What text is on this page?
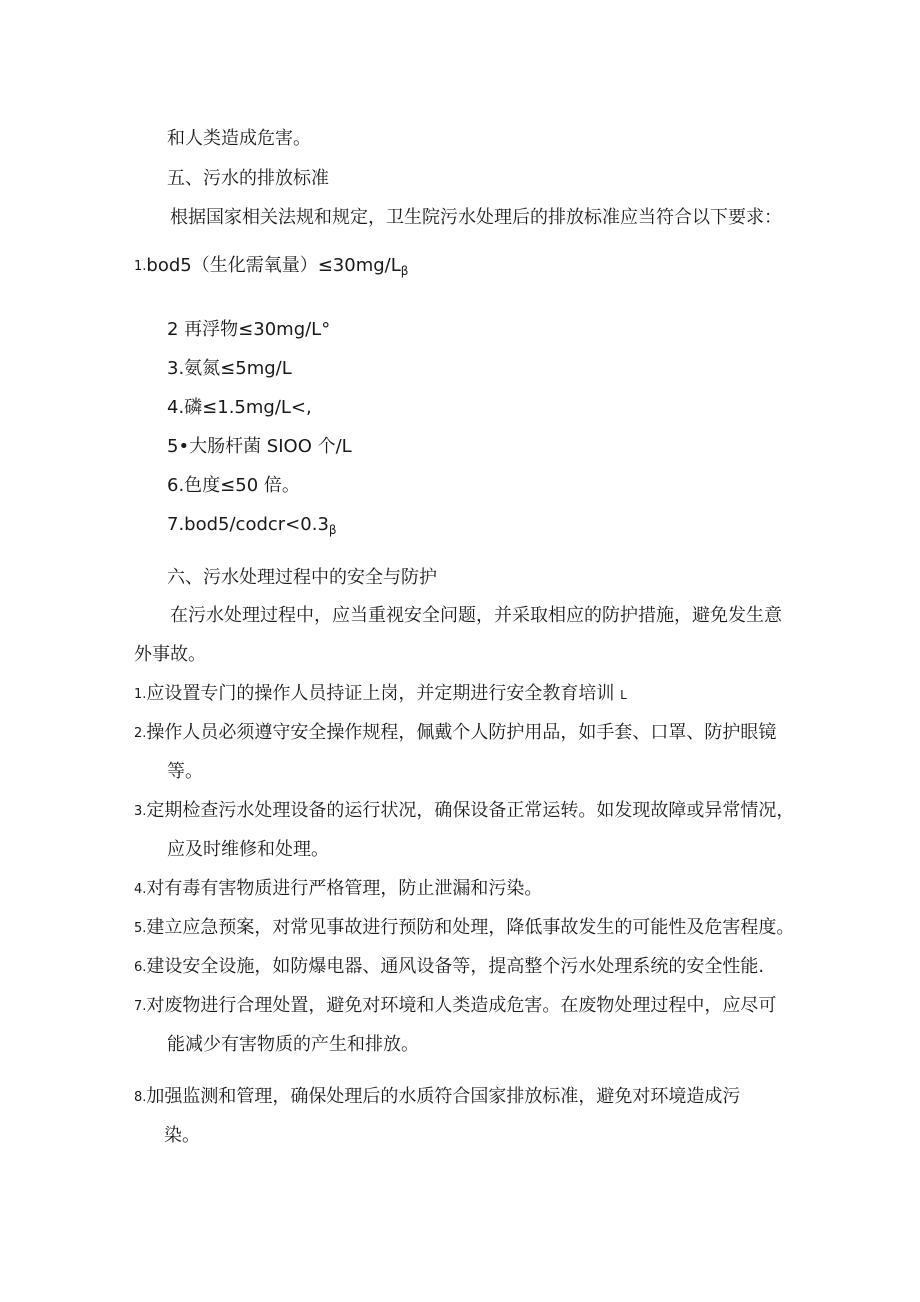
和人类造成危害。
五、污水的排放标准
根据国家相关法规和规定，卫生院污水处理后的排放标准应当符合以下要求：
1.bod5（生化需氧量）$\le 30mg∕L_\beta$
2 再浮物≤30mg∕L°
3.氨氮≤5mg∕L
4.磷≤1.5mg∕L<,
5•大肠杆菌 SIOO 个/L
6.色度≤50 倍。
$7.bod5∕codcr<0.3_\beta$
六、污水处理过程中的安全与防护
在污水处理过程中，应当重视安全问题，并采取相应的防护措施，避免发生意
外事故。
1.应设置专门的操作人员持证上岗，并定期进行安全教育培训 L
2.操作人员必须遵守安全操作规程，佩戴个人防护用品，如手套、口罩、防护眼镜
等。
3.定期检查污水处理设备的运行状况，确保设备正常运转。如发现故障或异常情况，
应及时维修和处理。
4.对有毒有害物质进行严格管理，防止泄漏和污染。
5.建立应急预案，对常见事故进行预防和处理，降低事故发生的可能性及危害程度。
6.建设安全设施，如防爆电器、通风设备等，提高整个污水处理系统的安全性能.
7.对废物进行合理处置，避免对环境和人类造成危害。在废物处理过程中，应尽可
能减少有害物质的产生和排放。
8.加强监测和管理，确保处理后的水质符合国家排放标准，避免对环境造成污
染。
